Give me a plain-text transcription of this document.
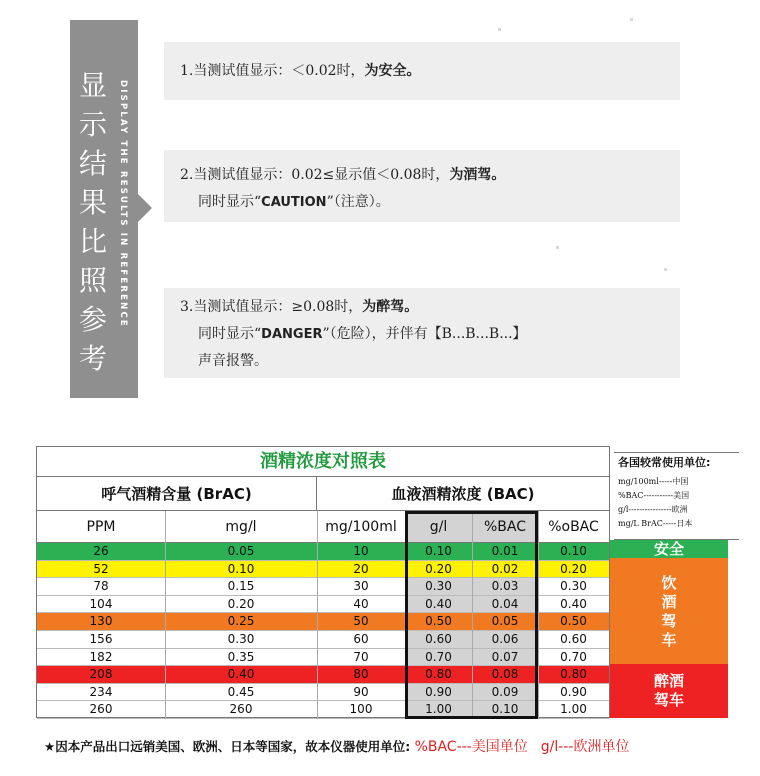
显
示
结
果
比
照
参
考
DISPLAY THE RESULTS IN REFERENCE
1.当测试值显示：＜0.02时，为安全。
2.当测试值显示：0.02≤显示值＜0.08时，为酒驾。
同时显示“CAUTION”（注意）。
3.当测试值显示：≥0.08时，为醉驾。
同时显示“DANGER”（危险），并伴有【B...B...B...】
声音报警。
酒精浓度对照表
呼气酒精含量 (BrAC)	血液酒精浓度 (BAC)
PPM	mg/l	mg/100ml	g/l	%BAC	%oBAC
26	0.05	10	0.10	0.01	0.10
52	0.10	20	0.20	0.02	0.20
78	0.15	30	0.30	0.03	0.30
104	0.20	40	0.40	0.04	0.40
130	0.25	50	0.50	0.05	0.50
156	0.30	60	0.60	0.06	0.60
182	0.35	70	0.70	0.07	0.70
208	0.40	80	0.80	0.08	0.80
234	0.45	90	0.90	0.09	0.90
260	260	100	1.00	0.10	1.00
各国较常使用单位:
mg/100ml-----中国
%BAC-----------美国
g/l----------------欧洲
mg/L BrAC-----日本
安全
饮
酒
驾
车
醉酒
驾车
★因本产品出口远销美国、欧洲、日本等国家，故本仪器使用单位: %BAC---美国单位 g/l---欧洲单位
